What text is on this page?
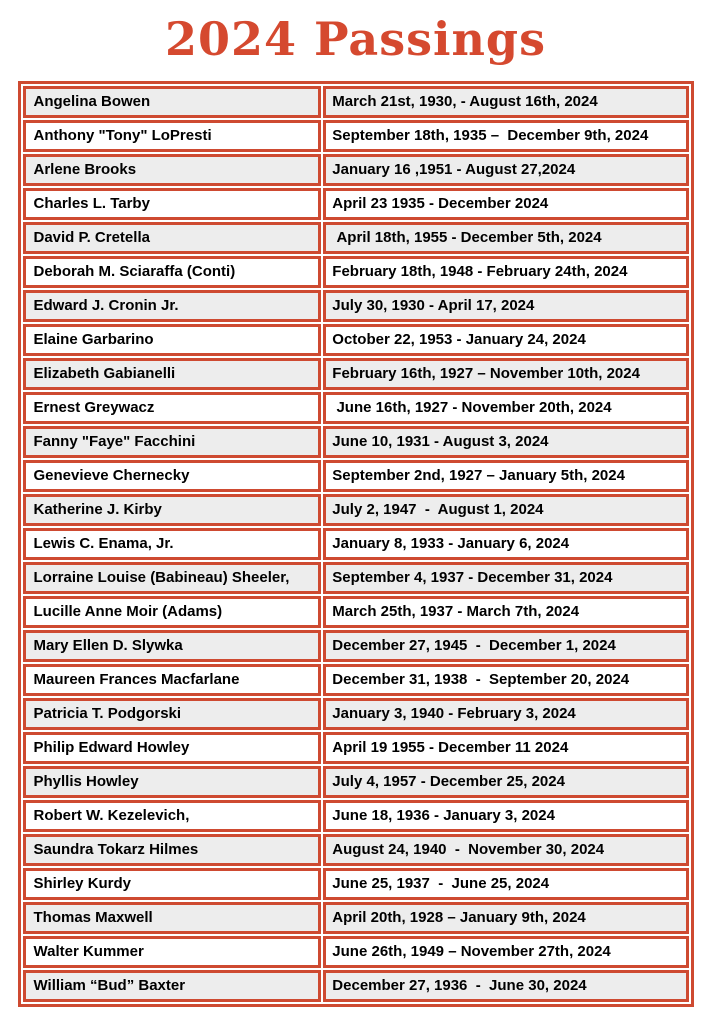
2024 Passings
Angelina Bowen	March 21st, 1930, - August 16th, 2024
Anthony "Tony" LoPresti	September 18th, 1935 –  December 9th, 2024
Arlene Brooks	January 16 ,1951 - August 27,2024
Charles L. Tarby	April 23 1935 - December 2024
David P. Cretella	April 18th, 1955 - December 5th, 2024
Deborah M. Sciaraffa (Conti)	February 18th, 1948 - February 24th, 2024
Edward J. Cronin Jr.	July 30, 1930 - April 17, 2024
Elaine Garbarino	October 22, 1953 - January 24, 2024
Elizabeth Gabianelli	February 16th, 1927 – November 10th, 2024
Ernest Greywacz	June 16th, 1927 - November 20th, 2024
Fanny "Faye" Facchini	June 10, 1931 - August 3, 2024
Genevieve Chernecky	September 2nd, 1927 – January 5th, 2024
Katherine J. Kirby	July 2, 1947  -  August 1, 2024
Lewis C. Enama, Jr.	January 8, 1933 - January 6, 2024
Lorraine Louise (Babineau) Sheeler,	September 4, 1937 - December 31, 2024
Lucille Anne Moir (Adams)	March 25th, 1937 - March 7th, 2024
Mary Ellen D. Slywka	December 27, 1945  -  December 1, 2024
Maureen Frances Macfarlane	December 31, 1938  -  September 20, 2024
Patricia T. Podgorski	January 3, 1940 - February 3, 2024
Philip Edward Howley	April 19 1955 - December 11 2024
Phyllis Howley	July 4, 1957 - December 25, 2024
Robert W. Kezelevich,	June 18, 1936 - January 3, 2024
Saundra Tokarz Hilmes	August 24, 1940  -  November 30, 2024
Shirley Kurdy	June 25, 1937  -  June 25, 2024
Thomas Maxwell	April 20th, 1928 – January 9th, 2024
Walter Kummer	June 26th, 1949 – November 27th, 2024
William “Bud” Baxter	December 27, 1936  -  June 30, 2024
